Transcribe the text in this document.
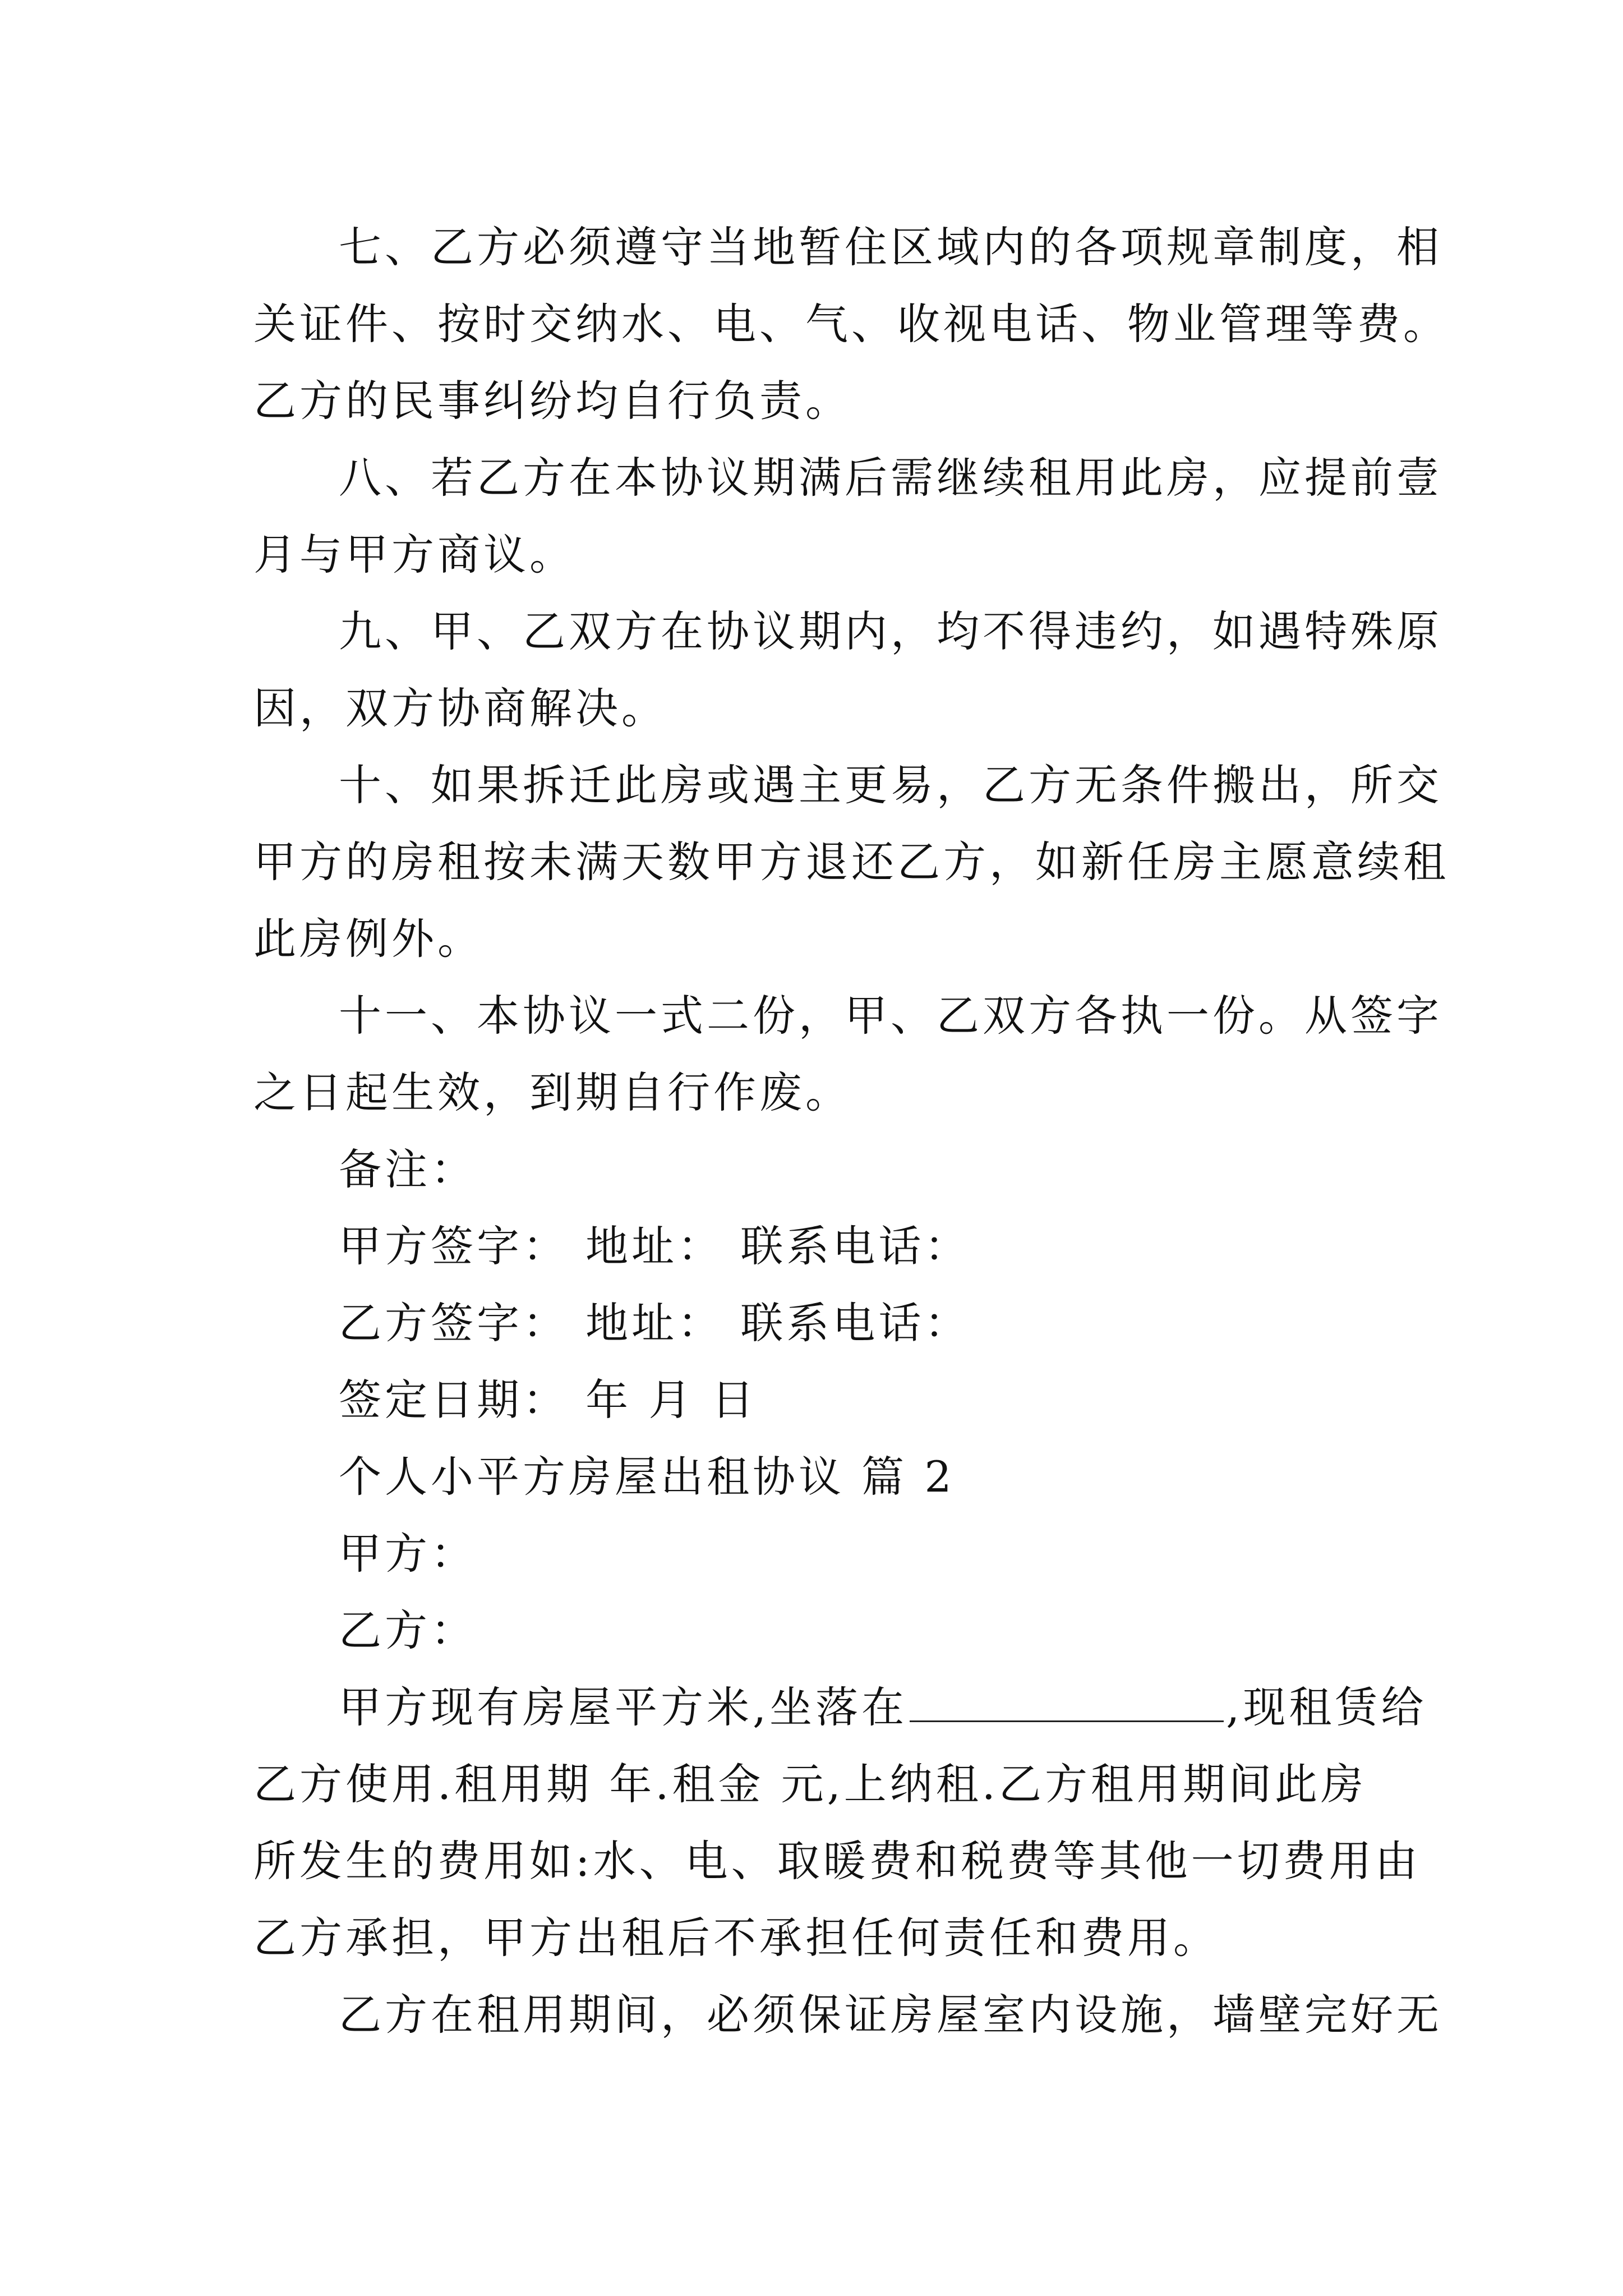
七、乙方必须遵守当地暂住区域内的各项规章制度，相
关证件、按时交纳水、电、气、收视电话、物业管理等费。
乙方的民事纠纷均自行负责。
八、若乙方在本协议期满后需继续租用此房，应提前壹
月与甲方商议。
九、甲、乙双方在协议期内，均不得违约，如遇特殊原
因，双方协商解决。
十、如果拆迁此房或遇主更易，乙方无条件搬出，所交
甲方的房租按未满天数甲方退还乙方，如新任房主愿意续租
此房例外。
十一、本协议一式二份，甲、乙双方各执一份。从签字
之日起生效，到期自行作废。
备注：
甲方签字： 地址： 联系电话：
乙方签字： 地址： 联系电话：
签定日期： 年 月 日
个人小平方房屋出租协议 篇 2
甲方：
乙方：
甲方现有房屋平方米,坐落在	,现租赁给
乙方使用.租用期 年.租金 元,上纳租.乙方租用期间此房
所发生的费用如:水、电、取暖费和税费等其他一切费用由
乙方承担，甲方出租后不承担任何责任和费用。
乙方在租用期间，必须保证房屋室内设施，墙壁完好无
